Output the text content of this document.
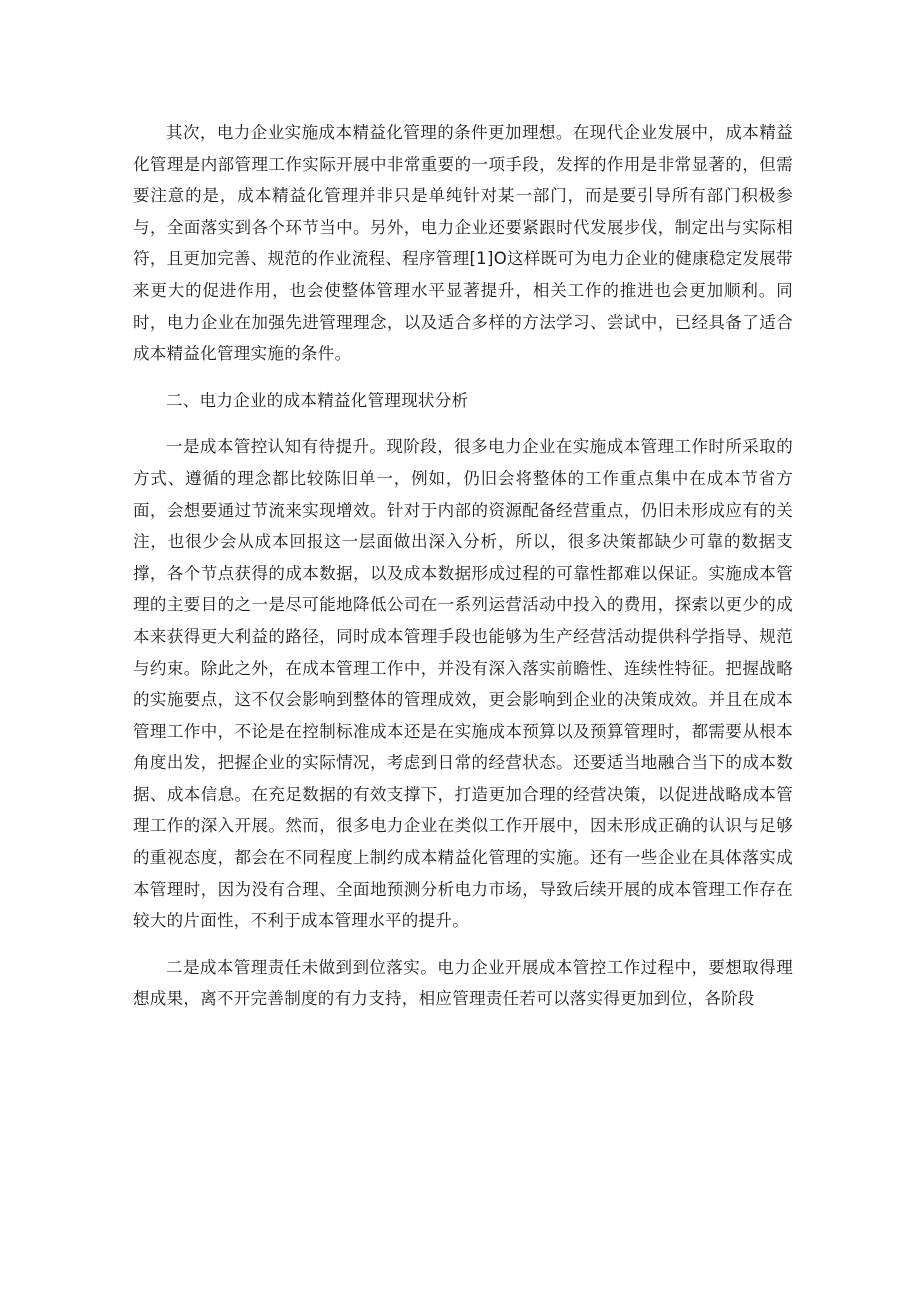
其次，电力企业实施成本精益化管理的条件更加理想。在现代企业发展中，成本精益化管理是内部管理工作实际开展中非常重要的一项手段，发挥的作用是非常显著的，但需要注意的是，成本精益化管理并非只是单纯针对某一部门，而是要引导所有部门积极参与，全面落实到各个环节当中。另外，电力企业还要紧跟时代发展步伐，制定出与实际相符，且更加完善、规范的作业流程、程序管理[1]O这样既可为电力企业的健康稳定发展带来更大的促进作用，也会使整体管理水平显著提升，相关工作的推进也会更加顺利。同时，电力企业在加强先进管理理念，以及适合多样的方法学习、尝试中，已经具备了适合成本精益化管理实施的条件。

二、电力企业的成本精益化管理现状分析

一是成本管控认知有待提升。现阶段，很多电力企业在实施成本管理工作时所采取的方式、遵循的理念都比较陈旧单一，例如，仍旧会将整体的工作重点集中在成本节省方面，会想要通过节流来实现增效。针对于内部的资源配备经营重点，仍旧未形成应有的关注，也很少会从成本回报这一层面做出深入分析，所以，很多决策都缺少可靠的数据支撑，各个节点获得的成本数据，以及成本数据形成过程的可靠性都难以保证。实施成本管理的主要目的之一是尽可能地降低公司在一系列运营活动中投入的费用，探索以更少的成本来获得更大利益的路径，同时成本管理手段也能够为生产经营活动提供科学指导、规范与约束。除此之外，在成本管理工作中，并没有深入落实前瞻性、连续性特征。把握战略的实施要点，这不仅会影响到整体的管理成效，更会影响到企业的决策成效。并且在成本管理工作中，不论是在控制标准成本还是在实施成本预算以及预算管理时，都需要从根本角度出发，把握企业的实际情况，考虑到日常的经营状态。还要适当地融合当下的成本数据、成本信息。在充足数据的有效支撑下，打造更加合理的经营决策，以促进战略成本管理工作的深入开展。然而，很多电力企业在类似工作开展中，因未形成正确的认识与足够的重视态度，都会在不同程度上制约成本精益化管理的实施。还有一些企业在具体落实成本管理时，因为没有合理、全面地预测分析电力市场，导致后续开展的成本管理工作存在较大的片面性，不利于成本管理水平的提升。

二是成本管理责任未做到到位落实。电力企业开展成本管控工作过程中，要想取得理想成果，离不开完善制度的有力支持，相应管理责任若可以落实得更加到位，各阶段
